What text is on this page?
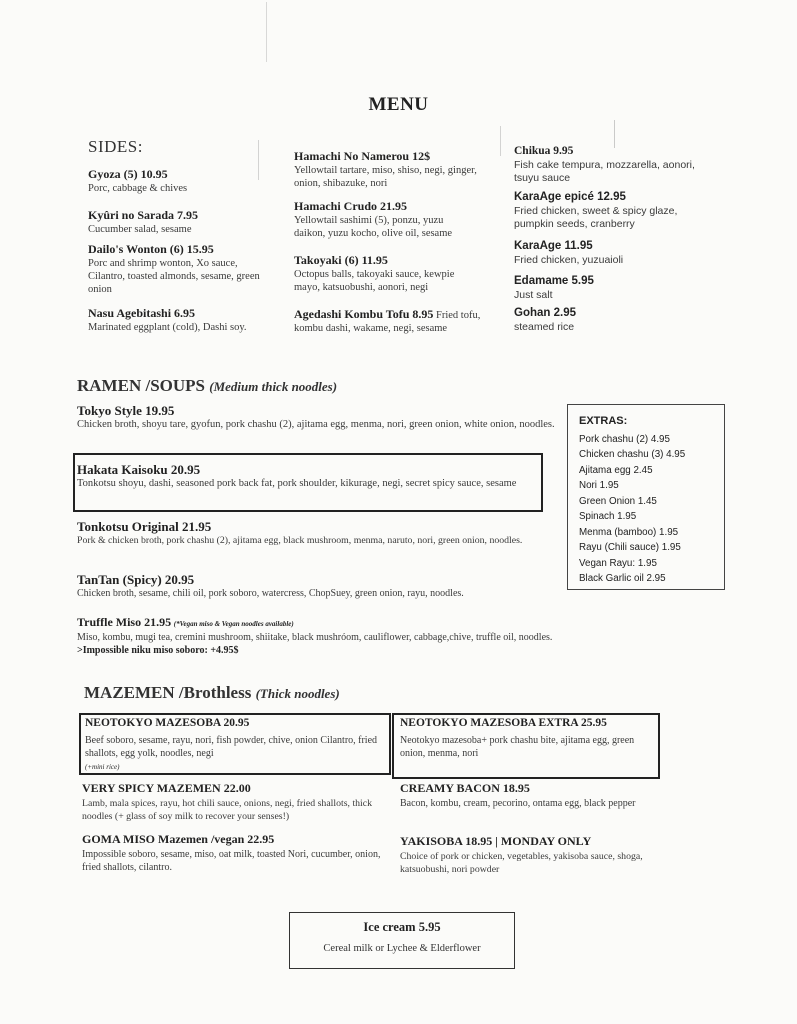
MENU
SIDES:
Gyoza (5) 10.95
Porc, cabbage & chives
Kyûri no Sarada 7.95
Cucumber salad, sesame
Dailo's Wonton (6) 15.95
Porc and shrimp wonton, Xo sauce, Cilantro, toasted almonds, sesame, green onion
Nasu Agebitashi 6.95
Marinated eggplant (cold), Dashi soy.
Hamachi No Namerou 12$
Yellowtail tartare, miso, shiso, negi, ginger, onion, shibazuke, nori
Hamachi Crudo 21.95
Yellowtail sashimi (5), ponzu, yuzu daikon, yuzu kocho, olive oil, sesame
Takoyaki (6) 11.95
Octopus balls, takoyaki sauce, kewpie mayo, katsuobushi, aonori, negi
Agedashi Kombu Tofu 8.95 Fried tofu, kombu dashi, wakame, negi, sesame
Chikua 9.95
Fish cake tempura, mozzarella, aonori, tsuyu sauce
KaraAge epicé 12.95
Fried chicken, sweet & spicy glaze, pumpkin seeds, cranberry
KaraAge 11.95
Fried chicken, yuzuaioli
Edamame 5.95
Just salt
Gohan 2.95
steamed rice
RAMEN /SOUPS (Medium thick noodles)
Tokyo Style 19.95
Chicken broth, shoyu tare, gyofun, pork chashu (2), ajitama egg, menma, nori, green onion, white onion, noodles.
Hakata Kaisoku 20.95
Tonkotsu shoyu, dashi, seasoned pork back fat, pork shoulder, kikurage, negi, secret spicy sauce, sesame
Tonkotsu Original 21.95
Pork & chicken broth, pork chashu (2), ajitama egg, black mushroom, menma, naruto, nori, green onion, noodles.
TanTan (Spicy) 20.95
Chicken broth, sesame, chili oil, pork soboro, watercress, ChopSuey, green onion, rayu, noodles.
Truffle Miso 21.95 (*Vegan miso & Vegan noodles available)
Miso, kombu, mugi tea, cremini mushroom, shiitake, black mushróom, cauliflower, cabbage,chive, truffle oil, noodles. >Impossible niku miso soboro: +4.95$
EXTRAS:
Pork chashu (2) 4.95
Chicken chashu (3) 4.95
Ajitama egg 2.45
Nori 1.95
Green Onion 1.45
Spinach 1.95
Menma (bamboo) 1.95
Rayu (Chili sauce) 1.95
Vegan Rayu: 1.95
Black Garlic oil 2.95
MAZEMEN /Brothless (Thick noodles)
NEOTOKYO MAZESOBA 20.95
Beef soboro, sesame, rayu, nori, fish powder, chive, onion Cilantro, fried shallots, egg yolk, noodles, negi
(+mini rice)
NEOTOKYO MAZESOBA EXTRA 25.95
Neotokyo mazesoba+ pork chashu bite, ajitama egg, green onion, menma, nori
VERY SPICY MAZEMEN 22.00
Lamb, mala spices, rayu, hot chili sauce, onions, negi, fried shallots, thick noodles (+ glass of soy milk to recover your senses!)
CREAMY BACON 18.95
Bacon, kombu, cream, pecorino, ontama egg, black pepper
GOMA MISO Mazemen /vegan 22.95
Impossible soboro, sesame, miso, oat milk, toasted Nori, cucumber, onion, fried shallots, cilantro.
YAKISOBA 18.95 | MONDAY ONLY
Choice of pork or chicken, vegetables, yakisoba sauce, shoga, katsuobushi, nori powder
Ice cream 5.95
Cereal milk or Lychee & Elderflower
